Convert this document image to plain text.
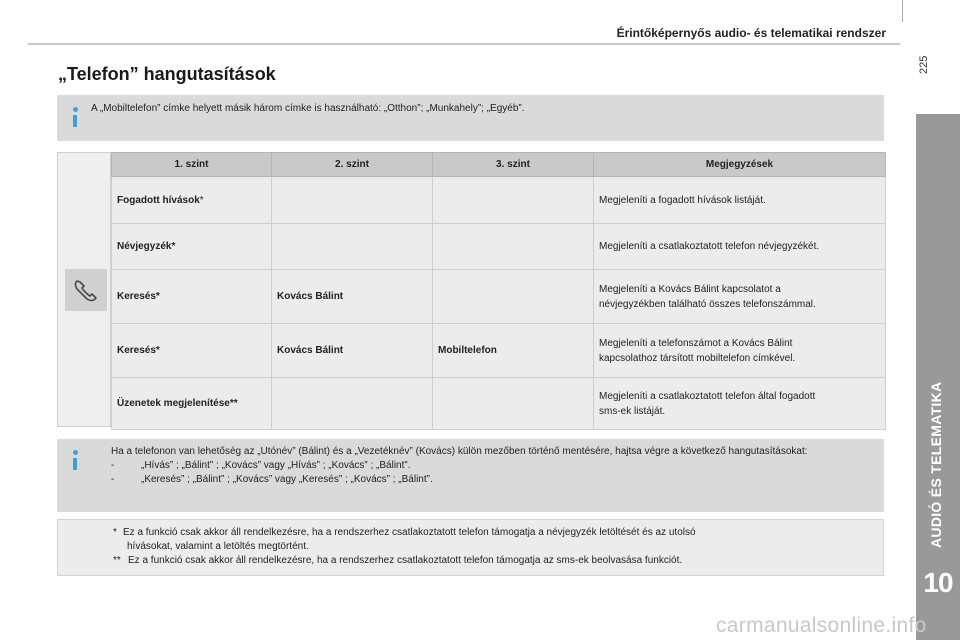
Érintőképernyős audio- és telematikai rendszer
225
AUDIÓ ÉS TELEMATIKA
10
„Telefon” hangutasítások
A „Mobiltelefon” címke helyett másik három címke is használható: „Otthon”; „Munkahely”; „Egyéb”.
1. szint	2. szint	3. szint	Megjegyzések
Fogadott hívások*			Megjeleníti a fogadott hívások listáját.
Névjegyzék*			Megjeleníti a csatlakoztatott telefon névjegyzékét.
Keresés*	Kovács Bálint		Megjeleníti a Kovács Bálint kapcsolatot a
névjegyzékben található összes telefonszámmal.

Keresés*	Kovács Bálint	Mobiltelefon	Megjeleníti a telefonszámot a Kovács Bálint
kapcsolathoz társított mobiltelefon címkével.

Üzenetek megjelenítése**			Megjeleníti a csatlakoztatott telefon által fogadott
sms-ek listáját.
Ha a telefonon van lehetőség az „Utónév” (Bálint) és a „Vezetéknév” (Kovács) külön mezőben történő mentésére, hajtsa végre a következő hangutasításokat:
-	„Hívás” ; „Bálint” ; „Kovács” vagy „Hívás” ; „Kovács” ; „Bálint”.
-	„Keresés” ; „Bálint” ; „Kovács” vagy „Keresés” ; „Kovács” ; „Bálint”.
* Ez a funkció csak akkor áll rendelkezésre, ha a rendszerhez csatlakoztatott telefon támogatja a névjegyzék letöltését és az utolsó
hívásokat, valamint a letöltés megtörtént.
** Ez a funkció csak akkor áll rendelkezésre, ha a rendszerhez csatlakoztatott telefon támogatja az sms-ek beolvasása funkciót.
carmanualsonline.info
